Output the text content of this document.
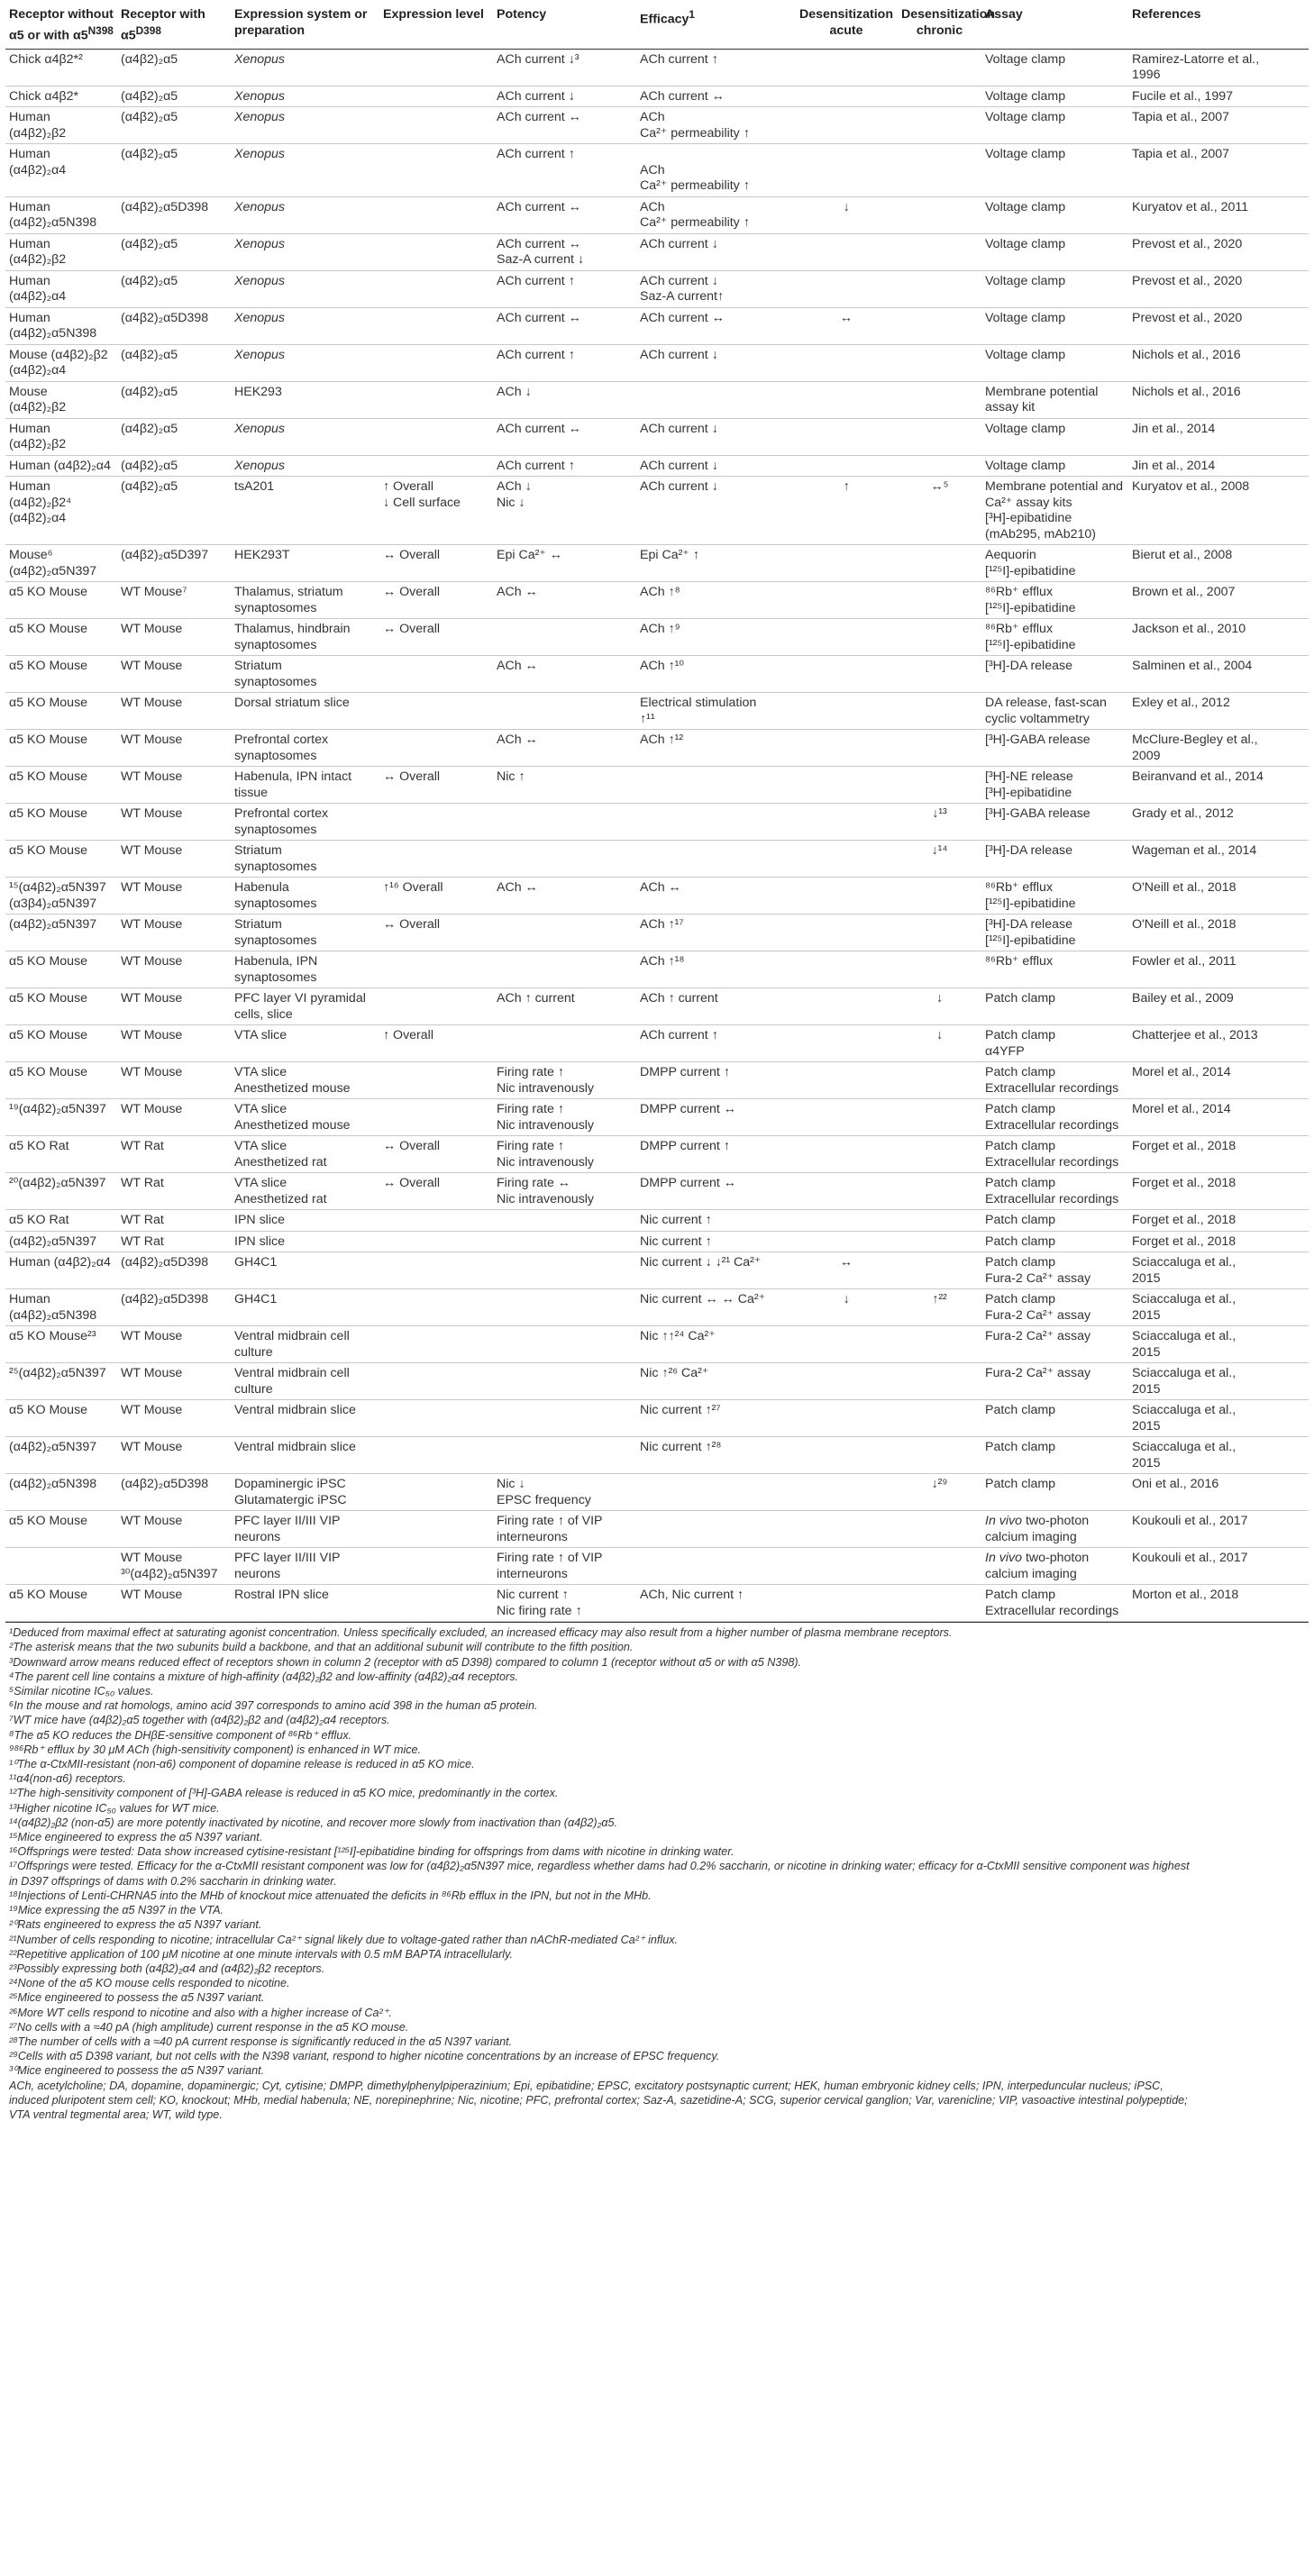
Receptor without α5 or with $\alpha 5^{N398}$	Receptor with $\alpha 5^{D398}$	Expression system or preparation	Expression level	Potency	Efficacy$^1$	Desensitization acute	Desensitization chronic	Assay	References

Chick α4β2*²	(α4β2)₂α5	Xenopus		ACh current ↓³	ACh current ↑			Voltage clamp	Ramirez-Latorre et al.,
1996

Chick α4β2*	(α4β2)₂α5	Xenopus		ACh current ↓	ACh current ↔			Voltage clamp	Fucile et al., 1997

Human
(α4β2)₂β2	(α4β2)₂α5	Xenopus		ACh current ↔	ACh
Ca²⁺ permeability ↑			Voltage clamp	Tapia et al., 2007

Human
(α4β2)₂α4	(α4β2)₂α5	Xenopus		ACh current ↑	ACh
Ca²⁺ permeability ↑			Voltage clamp	Tapia et al., 2007

Human
(α4β2)₂α5N398	(α4β2)₂α5D398	Xenopus		ACh current ↔	ACh
Ca²⁺ permeability ↑	↓		Voltage clamp	Kuryatov et al., 2011

Human
(α4β2)₂β2	(α4β2)₂α5	Xenopus		ACh current ↔
Saz-A current ↓	ACh current ↓			Voltage clamp	Prevost et al., 2020

Human
(α4β2)₂α4	(α4β2)₂α5	Xenopus		ACh current ↑	ACh current ↓
Saz-A current↑			Voltage clamp	Prevost et al., 2020

Human
(α4β2)₂α5N398	(α4β2)₂α5D398	Xenopus		ACh current ↔	ACh current ↔	↔		Voltage clamp	Prevost et al., 2020

Mouse (α4β2)₂β2
(α4β2)₂α4	(α4β2)₂α5	Xenopus		ACh current ↑	ACh current ↓			Voltage clamp	Nichols et al., 2016

Mouse
(α4β2)₂β2	(α4β2)₂α5	HEK293		ACh ↓				Membrane potential
assay kit	Nichols et al., 2016

Human
(α4β2)₂β2	(α4β2)₂α5	Xenopus		ACh current ↔	ACh current ↓			Voltage clamp	Jin et al., 2014

Human (α4β2)₂α4	(α4β2)₂α5	Xenopus		ACh current ↑	ACh current ↓			Voltage clamp	Jin et al., 2014

Human (α4β2)₂β2⁴
(α4β2)₂α4	(α4β2)₂α5	tsA201	↑ Overall
↓ Cell surface	ACh ↓
Nic ↓	ACh current ↓	↑	↔⁵	Membrane potential and
Ca²⁺ assay kits
[³H]-epibatidine
(mAb295, mAb210)	Kuryatov et al., 2008

Mouse⁶
(α4β2)₂α5N397	(α4β2)₂α5D397	HEK293T	↔ Overall	Epi Ca²⁺ ↔	Epi Ca²⁺ ↑			Aequorin
[¹²⁵I]-epibatidine	Bierut et al., 2008

α5 KO Mouse	WT Mouse⁷	Thalamus, striatum
synaptosomes	↔ Overall	ACh ↔	ACh ↑⁸			⁸⁶Rb⁺ efflux
[¹²⁵I]-epibatidine	Brown et al., 2007

α5 KO Mouse	WT Mouse	Thalamus, hindbrain
synaptosomes	↔ Overall		ACh ↑⁹			⁸⁶Rb⁺ efflux
[¹²⁵I]-epibatidine	Jackson et al., 2010

α5 KO Mouse	WT Mouse	Striatum
synaptosomes		ACh ↔	ACh ↑¹⁰			[³H]-DA release	Salminen et al., 2004

α5 KO Mouse	WT Mouse	Dorsal striatum slice			Electrical stimulation
↑¹¹			DA release, fast-scan
cyclic voltammetry	Exley et al., 2012

α5 KO Mouse	WT Mouse	Prefrontal cortex
synaptosomes		ACh ↔	ACh ↑¹²			[³H]-GABA release	McClure-Begley et al.,
2009

α5 KO Mouse	WT Mouse	Habenula, IPN intact
tissue	↔ Overall	Nic ↑				[³H]-NE release
[³H]-epibatidine	Beiranvand et al., 2014

α5 KO Mouse	WT Mouse	Prefrontal cortex
synaptosomes					↓¹³	[³H]-GABA release	Grady et al., 2012

α5 KO Mouse	WT Mouse	Striatum
synaptosomes					↓¹⁴	[³H]-DA release	Wageman et al., 2014

¹⁵(α4β2)₂α5N397
(α3β4)₂α5N397	WT Mouse	Habenula
synaptosomes	↑¹⁶ Overall	ACh ↔	ACh ↔			⁸⁶Rb⁺ efflux
[¹²⁵I]-epibatidine	O'Neill et al., 2018

(α4β2)₂α5N397	WT Mouse	Striatum
synaptosomes	↔ Overall		ACh ↑¹⁷			[³H]-DA release
[¹²⁵I]-epibatidine	O'Neill et al., 2018

α5 KO Mouse	WT Mouse	Habenula, IPN
synaptosomes			ACh ↑¹⁸			⁸⁶Rb⁺ efflux	Fowler et al., 2011

α5 KO Mouse	WT Mouse	PFC layer VI pyramidal
cells, slice		ACh ↑ current	ACh ↑ current		↓	Patch clamp	Bailey et al., 2009

α5 KO Mouse	WT Mouse	VTA slice	↑ Overall		ACh current ↑		↓	Patch clamp
α4YFP	Chatterjee et al., 2013

α5 KO Mouse	WT Mouse	VTA slice
Anesthetized mouse		Firing rate ↑
Nic intravenously	DMPP current ↑			Patch clamp
Extracellular recordings	Morel et al., 2014

¹⁹(α4β2)₂α5N397	WT Mouse	VTA slice
Anesthetized mouse		Firing rate ↑
Nic intravenously	DMPP current ↔			Patch clamp
Extracellular recordings	Morel et al., 2014

α5 KO Rat	WT Rat	VTA slice
Anesthetized rat	↔ Overall	Firing rate ↑
Nic intravenously	DMPP current ↑			Patch clamp
Extracellular recordings	Forget et al., 2018

²⁰(α4β2)₂α5N397	WT Rat	VTA slice
Anesthetized rat	↔ Overall	Firing rate ↔
Nic intravenously	DMPP current ↔			Patch clamp
Extracellular recordings	Forget et al., 2018

α5 KO Rat	WT Rat	IPN slice			Nic current ↑			Patch clamp	Forget et al., 2018

(α4β2)₂α5N397	WT Rat	IPN slice			Nic current ↑			Patch clamp	Forget et al., 2018

Human (α4β2)₂α4	(α4β2)₂α5D398	GH4C1			Nic current ↓ ↓²¹ Ca²⁺	↔		Patch clamp
Fura-2 Ca²⁺ assay	Sciaccaluga et al.,
2015

Human
(α4β2)₂α5N398	(α4β2)₂α5D398	GH4C1			Nic current ↔ ↔ Ca²⁺	↓	↑²²	Patch clamp
Fura-2 Ca²⁺ assay	Sciaccaluga et al.,
2015

α5 KO Mouse²³	WT Mouse	Ventral midbrain cell
culture			Nic ↑↑²⁴ Ca²⁺			Fura-2 Ca²⁺ assay	Sciaccaluga et al.,
2015

²⁵(α4β2)₂α5N397	WT Mouse	Ventral midbrain cell
culture			Nic ↑²⁶ Ca²⁺			Fura-2 Ca²⁺ assay	Sciaccaluga et al.,
2015

α5 KO Mouse	WT Mouse	Ventral midbrain slice			Nic current ↑²⁷			Patch clamp	Sciaccaluga et al.,
2015

(α4β2)₂α5N397	WT Mouse	Ventral midbrain slice			Nic current ↑²⁸			Patch clamp	Sciaccaluga et al.,
2015

(α4β2)₂α5N398	(α4β2)₂α5D398	Dopaminergic iPSC
Glutamatergic iPSC		Nic ↓
EPSC frequency			↓²⁹	Patch clamp	Oni et al., 2016

α5 KO Mouse	WT Mouse	PFC layer II/III VIP
neurons		Firing rate ↑ of VIP
interneurons				In vivo two-photon
calcium imaging	Koukouli et al., 2017

	WT Mouse
³⁰(α4β2)₂α5N397	PFC layer II/III VIP
neurons		Firing rate ↑ of VIP
interneurons				In vivo two-photon
calcium imaging	Koukouli et al., 2017

α5 KO Mouse	WT Mouse	Rostral IPN slice		Nic current ↑
Nic firing rate ↑	ACh, Nic current ↑			Patch clamp
Extracellular recordings	Morton et al., 2018
¹Deduced from maximal effect at saturating agonist concentration. Unless specifically excluded, an increased efficacy may also result from a higher number of plasma membrane receptors.
²The asterisk means that the two subunits build a backbone, and that an additional subunit will contribute to the fifth position.
³Downward arrow means reduced effect of receptors shown in column 2 (receptor with α5 D398) compared to column 1 (receptor without α5 or with α5 N398).
⁴The parent cell line contains a mixture of high-affinity (α4β2)₂β2 and low-affinity (α4β2)₂α4 receptors.
⁵Similar nicotine IC₅₀ values.
⁶In the mouse and rat homologs, amino acid 397 corresponds to amino acid 398 in the human α5 protein.
⁷WT mice have (α4β2)₂α5 together with (α4β2)₂β2 and (α4β2)₂α4 receptors.
⁸The α5 KO reduces the DHβE-sensitive component of ⁸⁶Rb⁺ efflux.
⁹⁸⁶Rb⁺ efflux by 30 μM ACh (high-sensitivity component) is enhanced in WT mice.
¹⁰The α-CtxMII-resistant (non-α6) component of dopamine release is reduced in α5 KO mice.
¹¹α4(non-α6) receptors.
¹²The high-sensitivity component of [³H]-GABA release is reduced in α5 KO mice, predominantly in the cortex.
¹³Higher nicotine IC₅₀ values for WT mice.
¹⁴(α4β2)₂β2 (non-α5) are more potently inactivated by nicotine, and recover more slowly from inactivation than (α4β2)₂α5.
¹⁵Mice engineered to express the α5 N397 variant.
¹⁶Offsprings were tested: Data show increased cytisine-resistant [¹²⁵I]-epibatidine binding for offsprings from dams with nicotine in drinking water.
¹⁷Offsprings were tested. Efficacy for the α-CtxMII resistant component was low for (α4β2)₂α5N397 mice, regardless whether dams had 0.2% saccharin, or nicotine in drinking water; efficacy for α-CtxMII sensitive component was highest
in D397 offsprings of dams with 0.2% saccharin in drinking water.
¹⁸Injections of Lenti-CHRNA5 into the MHb of knockout mice attenuated the deficits in ⁸⁶Rb efflux in the IPN, but not in the MHb.
¹⁹Mice expressing the α5 N397 in the VTA.
²⁰Rats engineered to express the α5 N397 variant.
²¹Number of cells responding to nicotine; intracellular Ca²⁺ signal likely due to voltage-gated rather than nAChR-mediated Ca²⁺ influx.
²²Repetitive application of 100 μM nicotine at one minute intervals with 0.5 mM BAPTA intracellularly.
²³Possibly expressing both (α4β2)₂α4 and (α4β2)₂β2 receptors.
²⁴None of the α5 KO mouse cells responded to nicotine.
²⁵Mice engineered to possess the α5 N397 variant.
²⁶More WT cells respond to nicotine and also with a higher increase of Ca²⁺.
²⁷No cells with a ≈40 pA (high amplitude) current response in the α5 KO mouse.
²⁸The number of cells with a ≈40 pA current response is significantly reduced in the α5 N397 variant.
²⁹Cells with α5 D398 variant, but not cells with the N398 variant, respond to higher nicotine concentrations by an increase of EPSC frequency.
³⁰Mice engineered to possess the α5 N397 variant.
ACh, acetylcholine; DA, dopamine, dopaminergic; Cyt, cytisine; DMPP, dimethylphenylpiperazinium; Epi, epibatidine; EPSC, excitatory postsynaptic current; HEK, human embryonic kidney cells; IPN, interpeduncular nucleus; iPSC,
induced pluripotent stem cell; KO, knockout; MHb, medial habenula; NE, norepinephrine; Nic, nicotine; PFC, prefrontal cortex; Saz-A, sazetidine-A; SCG, superior cervical ganglion; Var, varenicline; VIP, vasoactive intestinal polypeptide;
VTA ventral tegmental area; WT, wild type.
